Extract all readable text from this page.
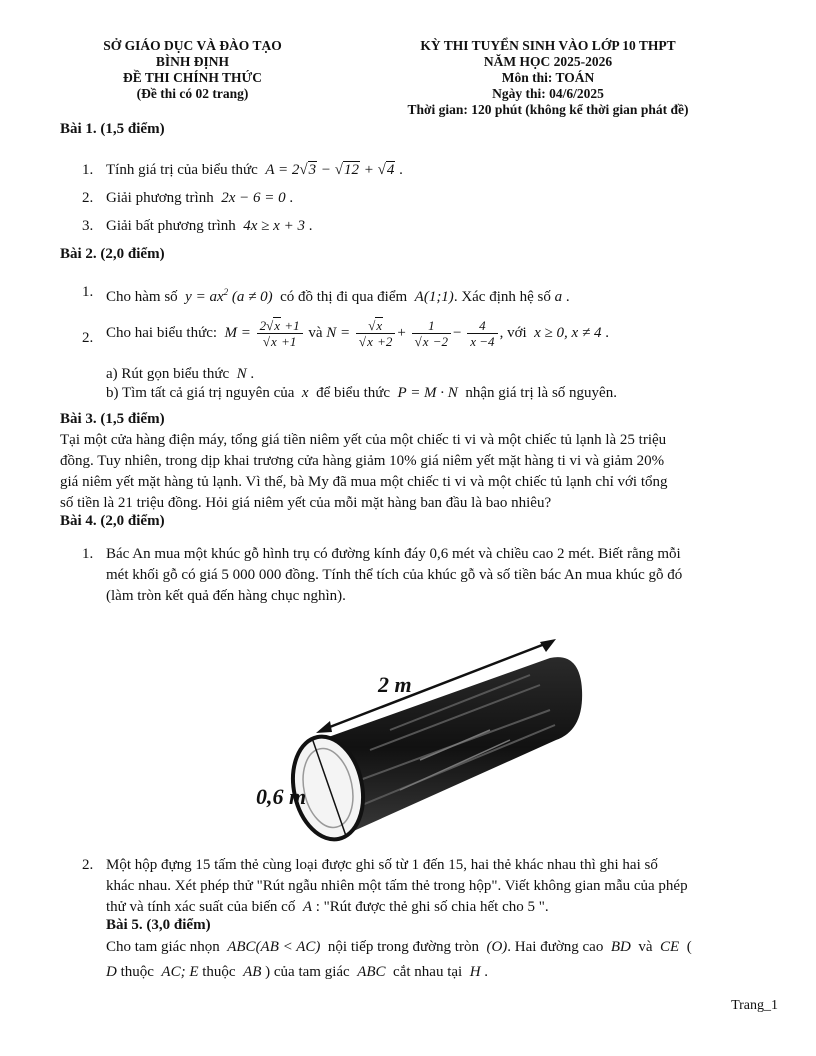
SỞ GIÁO DỤC VÀ ĐÀO TẠO
BÌNH ĐỊNH
ĐỀ THI CHÍNH THỨC
(Đề thi có 02 trang)
KỲ THI TUYỂN SINH VÀO LỚP 10 THPT
NĂM HỌC 2025-2026
Môn thi: TOÁN
Ngày thi: 04/6/2025
Thời gian: 120 phút (không kể thời gian phát đề)
Bài 1. (1,5 điểm)
1. Tính giá trị của biểu thức  A = 2√3 − √12 + √4 .
2. Giải phương trình 2x − 6 = 0 .
3. Giải bất phương trình 4x ≥ x + 3 .
Bài 2. (2,0 điểm)
1. Cho hàm số $y = ax^2$ (a ≠ 0) có đồ thị đi qua điểm A(1;1). Xác định hệ số a .
2. Cho hai biểu thức: $M = \frac{2√x +1}{√x +1}$ và $N = \frac{√x}{√x +2} + \frac{1}{√x -2} - \frac{4}{x -4}$ , với x ≥ 0, x ≠ 4 .
a) Rút gọn biểu thức N .
b) Tìm tất cả giá trị nguyên của x để biểu thức P = M · N nhận giá trị là số nguyên.
Bài 3. (1,5 điểm)
Tại một cửa hàng điện máy, tổng giá tiền niêm yết của một chiếc ti vi và một chiếc tủ lạnh là 25 triệu
đồng. Tuy nhiên, trong dịp khai trương cửa hàng giảm 10% giá niêm yết mặt hàng ti vi và giảm 20%
giá niêm yết mặt hàng tủ lạnh. Vì thế, bà My đã mua một chiếc ti vi và một chiếc tủ lạnh chỉ với tổng
số tiền là 21 triệu đồng. Hỏi giá niêm yết của mỗi mặt hàng ban đầu là bao nhiêu?
Bài 4. (2,0 điểm)
1. Bác An mua một khúc gỗ hình trụ có đường kính đáy 0,6 mét và chiều cao 2 mét. Biết rằng mỗi
mét khối gỗ có giá 5 000 000 đồng. Tính thể tích của khúc gỗ và số tiền bác An mua khúc gỗ đó
(làm tròn kết quả đến hàng chục nghìn).
2 m
0,6 m
2. Một hộp đựng 15 tấm thẻ cùng loại được ghi số từ 1 đến 15, hai thẻ khác nhau thì ghi hai số
khác nhau. Xét phép thử "Rút ngẫu nhiên một tấm thẻ trong hộp". Viết không gian mẫu của phép
thử và tính xác suất của biến cố A : "Rút được thẻ ghi số chia hết cho 5 ".
Bài 5. (3,0 điểm)
Cho tam giác nhọn ABC(AB < AC) nội tiếp trong đường tròn (O). Hai đường cao BD và CE (
D thuộc AC; E thuộc AB ) của tam giác ABC cắt nhau tại H .
Trang_1
